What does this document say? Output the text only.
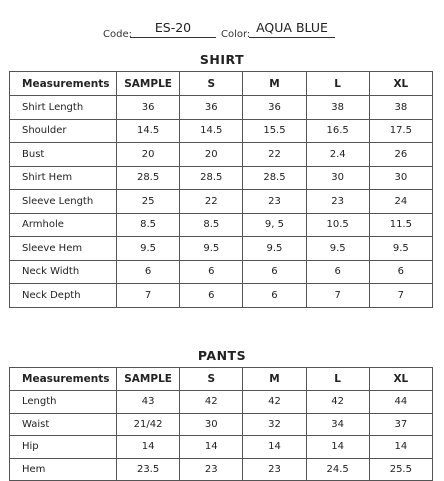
Code:	ES-20	Color: AQUA BLUE
SHIRT
Measurements	SAMPLE	S	M	L	XL
Shirt Length	36	36	36	38	38
Shoulder	14.5	14.5	15.5	16.5	17.5
Bust	20	20	22	2.4	26
Shirt Hem	28.5	28.5	28.5	30	30
Sleeve Length	25	22	23	23	24
Armhole	8.5	8.5	9, 5	10.5	11.5
Sleeve Hem	9.5	9.5	9.5	9.5	9.5
Neck Width	6	6	6	6	6
Neck Depth	7	6	6	7	7
PANTS
Measurements	SAMPLE	S	M	L	XL
Length	43	42	42	42	44
Waist	21/42	30	32	34	37
Hip	14	14	14	14	14
Hem	23.5	23	23	24.5	25.5
